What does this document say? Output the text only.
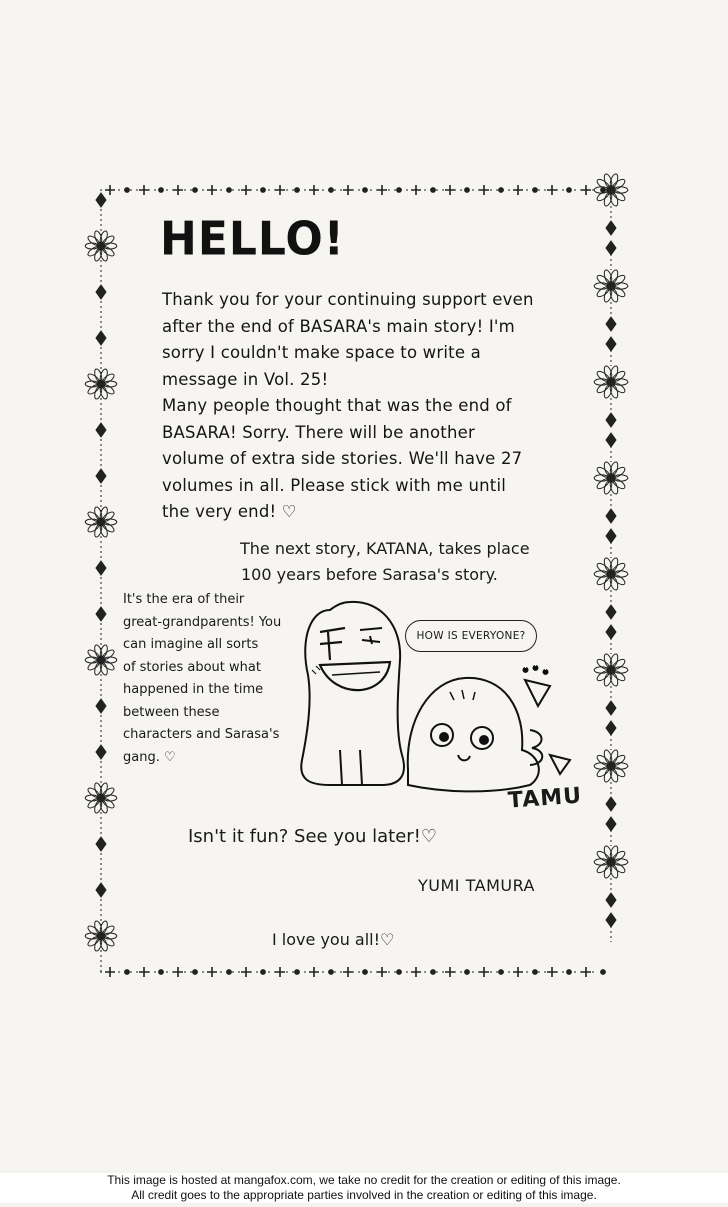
HELLO!
Thank you for your continuing support even
after the end of BASARA's main story! I'm
sorry I couldn't make space to write a
message in Vol. 25!
Many people thought that was the end of
BASARA! Sorry. There will be another
volume of extra side stories. We'll have 27
volumes in all. Please stick with me until
the very end! ♡
The next story, KATANA, takes place
100 years before Sarasa's story.
It's the era of their
great-grandparents! You
can imagine all sorts
of stories about what
happened in the time
between these
characters and Sarasa's
gang. ♡
HOW IS EVERYONE?
TAMU
Isn't it fun? See you later!♡
YUMI TAMURA
I love you all!♡
This image is hosted at mangafox.com, we take no credit for the creation or editing of this image.
All credit goes to the appropriate parties involved in the creation or editing of this image.
